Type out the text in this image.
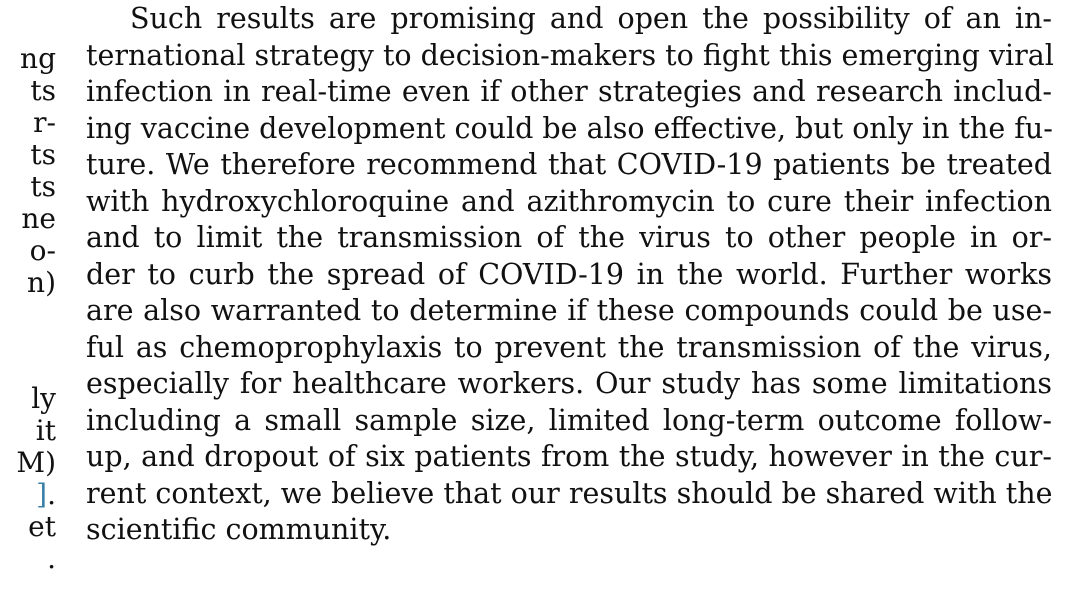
ng
ts
r-
ts
ts
ne
o-
n)
ly
it
M)
].
et
.
Such results are promising and open the possibility of an in-
ternational strategy to decision-makers to fight this emerging viral
infection in real-time even if other strategies and research includ-
ing vaccine development could be also effective, but only in the fu-
ture. We therefore recommend that COVID-19 patients be treated
with hydroxychloroquine and azithromycin to cure their infection
and to limit the transmission of the virus to other people in or-
der to curb the spread of COVID-19 in the world. Further works
are also warranted to determine if these compounds could be use-
ful as chemoprophylaxis to prevent the transmission of the virus,
especially for healthcare workers. Our study has some limitations
including a small sample size, limited long-term outcome follow-
up, and dropout of six patients from the study, however in the cur-
rent context, we believe that our results should be shared with the
scientific community.
